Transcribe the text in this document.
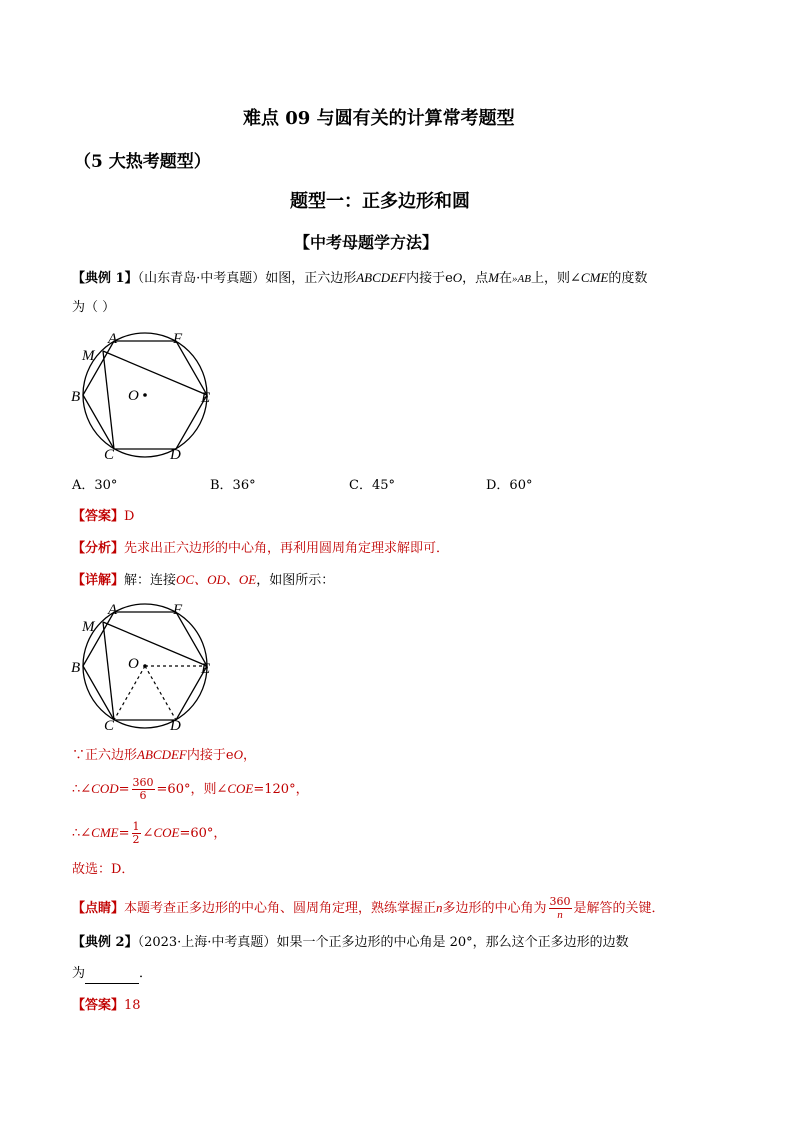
难点 09 与圆有关的计算常考题型
（5 大热考题型）
题型一：正多边形和圆
【中考母题学方法】
【典例 1】（山东青岛·中考真题）如图，正六边形ABCDEF内接于eO，点M在»AB上，则∠CME的度数
为（ ）
A	F
M
B	O	E
C	D
A．30°	B．36°	C．45°	D．60°
【答案】D
【分析】先求出正六边形的中心角，再利用圆周角定理求解即可．
【详解】解：连接OC、OD、OE，如图所示：
A	F
M
B	O	E
C	D
∵正六边形ABCDEF内接于eO，
∴∠COD= $\frac{360}{6} =60^\circ$，则∠COE=120°，
∴∠CME= $\frac{1}{2}$ ∠COE=60°，
故选：D．
【点睛】本题考查正多边形的中心角、圆周角定理，熟练掌握正n多边形的中心角为 $\frac{360}{n}$ 是解答的关键．
【典例 2】（2023·上海·中考真题）如果一个正多边形的中心角是 20°，那么这个正多边形的边数
为	．
【答案】18
